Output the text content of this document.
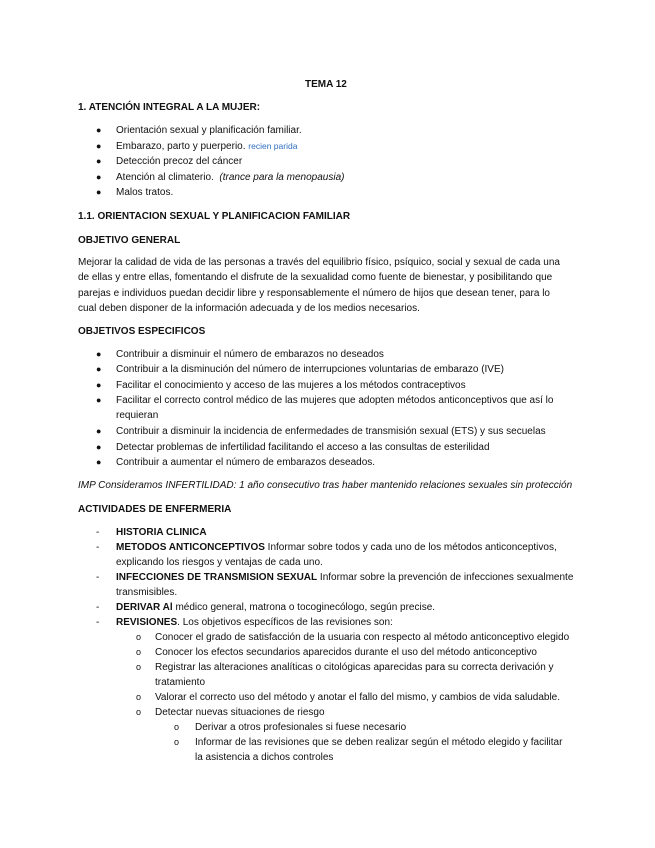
TEMA 12
1. ATENCIÓN INTEGRAL A LA MUJER:
● Orientación sexual y planificación familiar.
● Embarazo, parto y puerperio. recien parida
● Detección precoz del cáncer
● Atención al climaterio. (trance para la menopausia)
● Malos tratos.
1.1. ORIENTACION SEXUAL Y PLANIFICACION FAMILIAR
OBJETIVO GENERAL
Mejorar la calidad de vida de las personas a través del equilibrio físico, psíquico, social y sexual de cada una
de ellas y entre ellas, fomentando el disfrute de la sexualidad como fuente de bienestar, y posibilitando que
parejas e individuos puedan decidir libre y responsablemente el número de hijos que desean tener, para lo
cual deben disponer de la información adecuada y de los medios necesarios.
OBJETIVOS ESPECIFICOS
● Contribuir a disminuir el número de embarazos no deseados
● Contribuir a la disminución del número de interrupciones voluntarias de embarazo (IVE)
● Facilitar el conocimiento y acceso de las mujeres a los métodos contraceptivos
● Facilitar el correcto control médico de las mujeres que adopten métodos anticonceptivos que así lo
requieran
● Contribuir a disminuir la incidencia de enfermedades de transmisión sexual (ETS) y sus secuelas
● Detectar problemas de infertilidad facilitando el acceso a las consultas de esterilidad
● Contribuir a aumentar el número de embarazos deseados.
IMP Consideramos INFERTILIDAD: 1 año consecutivo tras haber mantenido relaciones sexuales sin protección
ACTIVIDADES DE ENFERMERIA
- HISTORIA CLINICA
- METODOS ANTICONCEPTIVOS Informar sobre todos y cada uno de los métodos anticonceptivos,
explicando los riesgos y ventajas de cada uno.
- INFECCIONES DE TRANSMISION SEXUAL Informar sobre la prevención de infecciones sexualmente
transmisibles.
- DERIVAR Al médico general, matrona o tocoginecólogo, según precise.
- REVISIONES. Los objetivos específicos de las revisiones son:
o Conocer el grado de satisfacción de la usuaria con respecto al método anticonceptivo elegido
o Conocer los efectos secundarios aparecidos durante el uso del método anticonceptivo
o Registrar las alteraciones analíticas o citológicas aparecidas para su correcta derivación y
tratamiento
o Valorar el correcto uso del método y anotar el fallo del mismo, y cambios de vida saludable.
o Detectar nuevas situaciones de riesgo
o Derivar a otros profesionales si fuese necesario
o Informar de las revisiones que se deben realizar según el método elegido y facilitar
la asistencia a dichos controles
